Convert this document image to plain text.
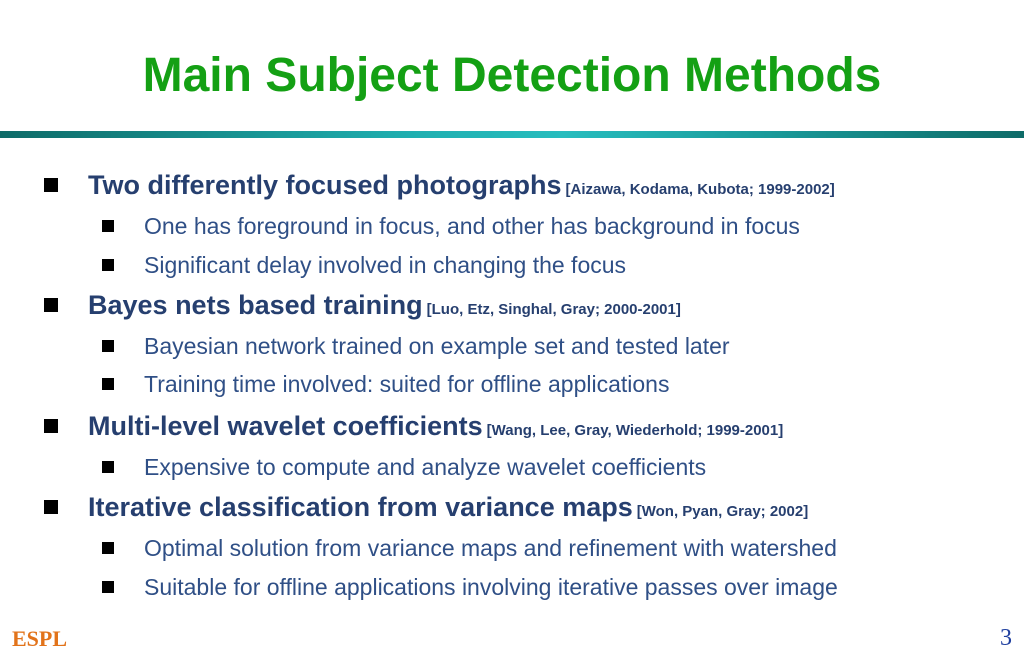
Main Subject Detection Methods
Two differently focused photographs [Aizawa, Kodama, Kubota; 1999-2002]
One has foreground in focus, and other has background in focus
Significant delay involved in changing the focus
Bayes nets based training [Luo, Etz, Singhal, Gray; 2000-2001]
Bayesian network trained on example set and tested later
Training time involved: suited for offline applications
Multi-level wavelet coefficients [Wang, Lee, Gray, Wiederhold; 1999-2001]
Expensive to compute and analyze wavelet coefficients
Iterative classification from variance maps [Won, Pyan, Gray; 2002]
Optimal solution from variance maps and refinement with watershed
Suitable for offline applications involving iterative passes over image
ESPL	3
